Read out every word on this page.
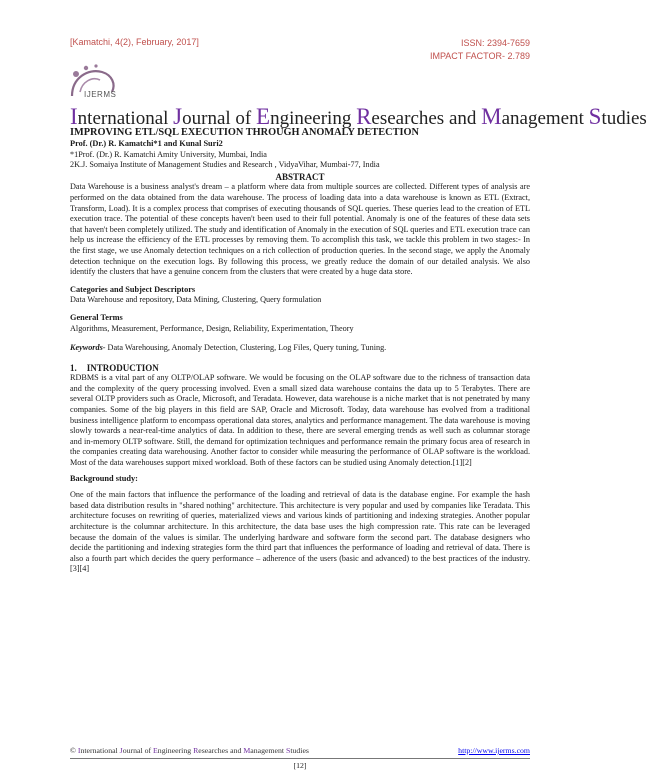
[Kamatchi, 4(2), February, 2017]	ISSN: 2394-7659
IMPACT FACTOR- 2.789
IJERMS
International Journal of Engineering Researches and Management Studies
IMPROVING ETL/SQL EXECUTION THROUGH ANOMALY DETECTION
Prof. (Dr.) R. Kamatchi*1 and Kunal Suri2
*1Prof. (Dr.) R. Kamatchi Amity University, Mumbai, India
2K.J. Somaiya Institute of Management Studies and Research , VidyaVihar, Mumbai-77, India
ABSTRACT
Data Warehouse is a business analyst's dream – a platform where data from multiple sources are collected. Different types of analysis are performed on the data obtained from the data warehouse. The process of loading data into a data warehouse is known as ETL (Extract, Transform, Load). It is a complex process that comprises of executing thousands of SQL queries. These queries lead to the creation of ETL execution trace. The potential of these concepts haven't been used to their full potential. Anomaly is one of the features of these data sets that haven't been completely utilized. The study and identification of Anomaly in the execution of SQL queries and ETL execution trace can help us increase the efficiency of the ETL processes by removing them. To accomplish this task, we tackle this problem in two stages:- In the first stage, we use Anomaly detection techniques on a rich collection of production queries. In the second stage, we apply the Anomaly detection technique on the execution logs. By following this process, we greatly reduce the domain of our detailed analysis. We also identify the clusters that have a genuine concern from the clusters that were created by a huge data store.
Categories and Subject Descriptors
Data Warehouse and repository, Data Mining, Clustering, Query formulation
General Terms
Algorithms, Measurement, Performance, Design, Reliability, Experimentation, Theory
Keywords- Data Warehousing, Anomaly Detection, Clustering, Log Files, Query tuning, Tuning.
1. INTRODUCTION
RDBMS is a vital part of any OLTP/OLAP software. We would be focusing on the OLAP software due to the richness of transaction data and the complexity of the query processing involved. Even a small sized data warehouse contains the data up to 5 Terabytes. There are several OLTP providers such as Oracle, Microsoft, and Teradata. However, data warehouse is a niche market that is not penetrated by many companies. Some of the big players in this field are SAP, Oracle and Microsoft. Today, data warehouse has evolved from a traditional business intelligence platform to encompass operational data stores, analytics and performance management. The data warehouse is moving slowly towards a near-real-time analytics of data. In addition to these, there are several emerging trends as well such as columnar storage and in-memory OLTP software. Still, the demand for optimization techniques and performance remain the primary focus area of research in the companies creating data warehousing. Another factor to consider while measuring the performance of OLAP software is the workload. Most of the data warehouses support mixed workload. Both of these factors can be studied using Anomaly detection.[1][2]
Background study:
One of the main factors that influence the performance of the loading and retrieval of data is the database engine. For example the hash based data distribution results in "shared nothing" architecture. This architecture is very popular and used by companies like Teradata. This architecture focuses on rewriting of queries, materialized views and various kinds of partitioning and indexing strategies. Another popular architecture is the columnar architecture. In this architecture, the data base uses the high compression rate. This rate can be leveraged because the domain of the values is similar. The underlying hardware and software form the second part. The database designers who decide the partitioning and indexing strategies form the third part that influences the performance of loading and retrieval of data. There is also a fourth part which decides the query performance – adherence of the users (basic and advanced) to the best practices of the industry. [3][4]
© International Journal of Engineering Researches and Management Studies	http://www.ijerms.com
[12]
